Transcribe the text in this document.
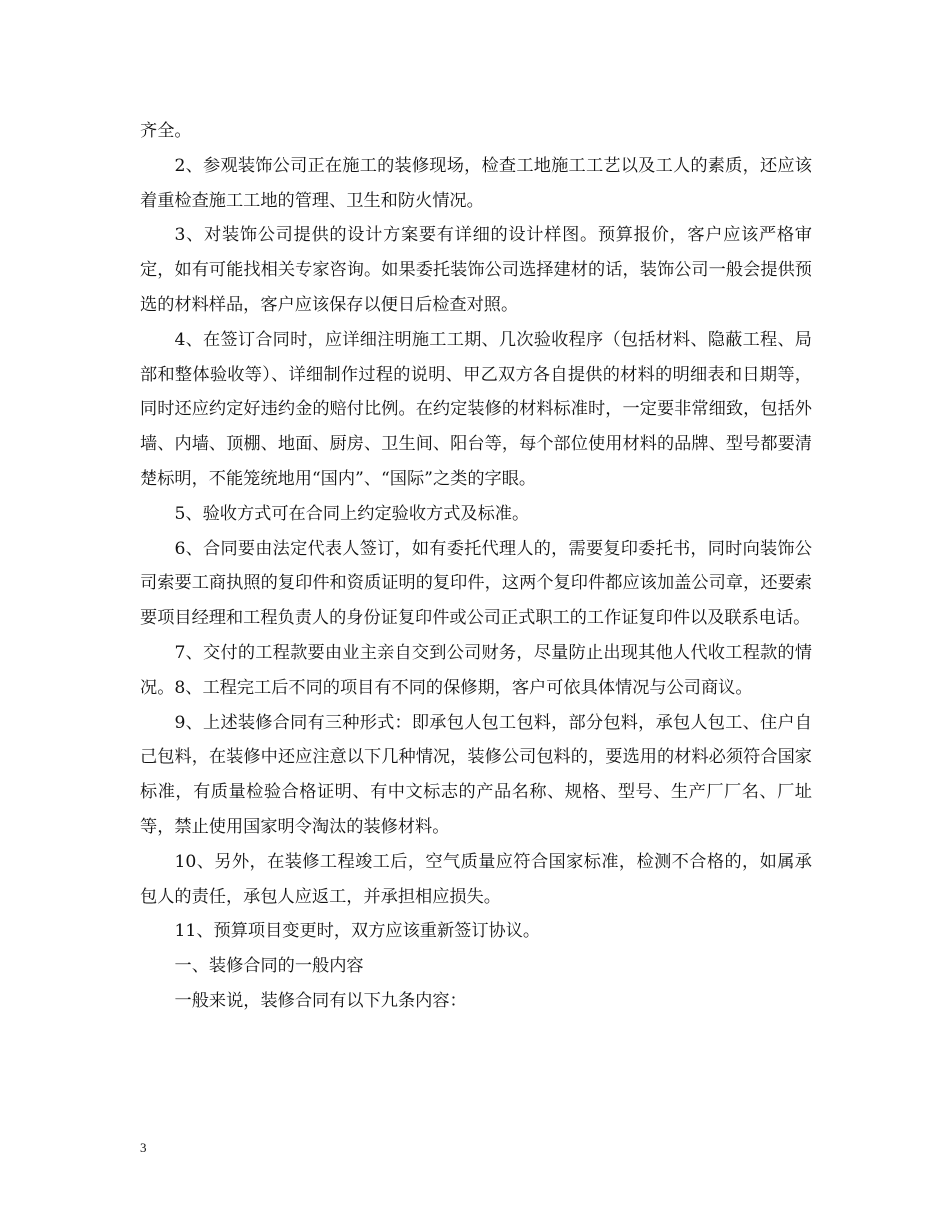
齐全。

2、参观装饰公司正在施工的装修现场，检查工地施工工艺以及工人的素质，还应该着重检查施工工地的管理、卫生和防火情况。

3、对装饰公司提供的设计方案要有详细的设计样图。预算报价，客户应该严格审定，如有可能找相关专家咨询。如果委托装饰公司选择建材的话，装饰公司一般会提供预选的材料样品，客户应该保存以便日后检查对照。

4、在签订合同时，应详细注明施工工期、几次验收程序（包括材料、隐蔽工程、局部和整体验收等）、详细制作过程的说明、甲乙双方各自提供的材料的明细表和日期等，同时还应约定好违约金的赔付比例。在约定装修的材料标准时，一定要非常细致，包括外墙、内墙、顶棚、地面、厨房、卫生间、阳台等，每个部位使用材料的品牌、型号都要清楚标明，不能笼统地用“国内”、“国际”之类的字眼。

5、验收方式可在合同上约定验收方式及标准。

6、合同要由法定代表人签订，如有委托代理人的，需要复印委托书，同时向装饰公司索要工商执照的复印件和资质证明的复印件，这两个复印件都应该加盖公司章，还要索要项目经理和工程负责人的身份证复印件或公司正式职工的工作证复印件以及联系电话。

7、交付的工程款要由业主亲自交到公司财务，尽量防止出现其他人代收工程款的情况。8、工程完工后不同的项目有不同的保修期，客户可依具体情况与公司商议。

9、上述装修合同有三种形式：即承包人包工包料，部分包料，承包人包工、住户自己包料，在装修中还应注意以下几种情况，装修公司包料的，要选用的材料必须符合国家标准，有质量检验合格证明、有中文标志的产品名称、规格、型号、生产厂厂名、厂址等，禁止使用国家明令淘汰的装修材料。

10、另外，在装修工程竣工后，空气质量应符合国家标准，检测不合格的，如属承包人的责任，承包人应返工，并承担相应损失。

11、预算项目变更时，双方应该重新签订协议。

一、装修合同的一般内容

一般来说，装修合同有以下九条内容：

3
